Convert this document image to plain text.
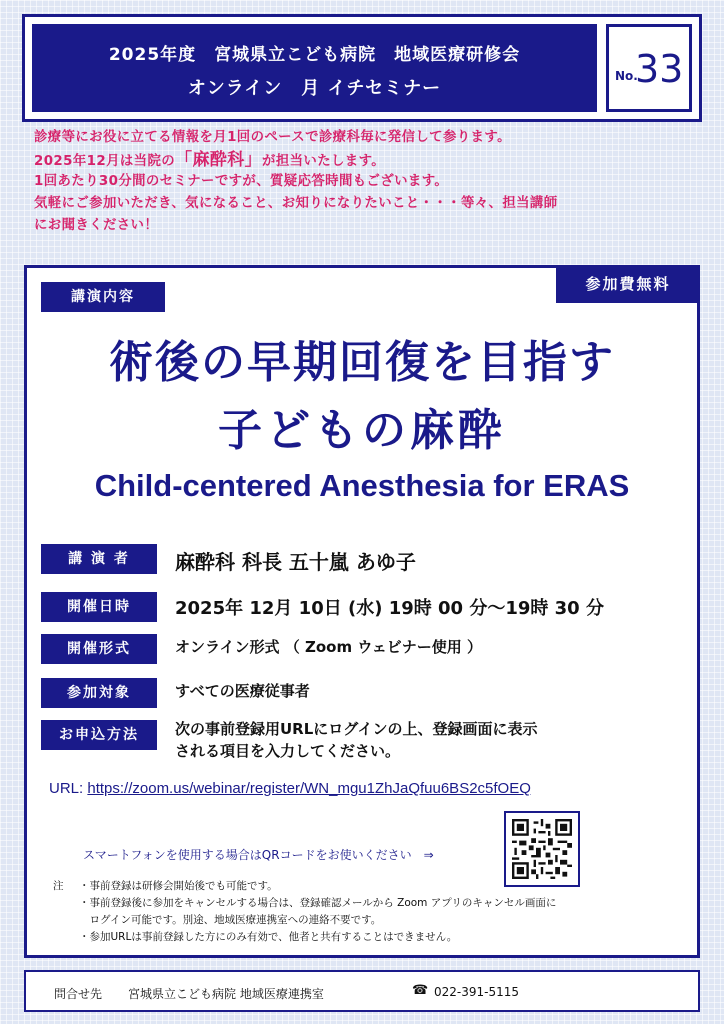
2025年度　宮城県立こども病院　地域医療研修会
オンライン　月 イチセミナー
No.
33
診療等にお役に立てる情報を月1回のペースで診療科毎に発信して参ります。
2025年12月は当院の「麻酔科」が担当いたします。
1回あたり30分間のセミナーですが、質疑応答時間もございます。
気軽にご参加いただき、気になること、お知りになりたいこと・・・等々、担当講師
にお聞きください！
講演内容
参加費無料
術後の早期回復を目指す
子どもの麻酔
Child-centered Anesthesia for ERAS
講 演 者	麻酔科 科長 五十嵐 あゆ子
開催日時	2025年 12月 10日 (水) 19時 00 分〜19時 30 分
開催形式	オンライン形式 （ Zoom ウェビナー使用 ）
参加対象	すべての医療従事者
お申込方法	次の事前登録用URLにログインの上、登録画面に表示
される項目を入力してください。
URL: https://zoom.us/webinar/register/WN_mgu1ZhJaQfuu6BS2c5fOEQ
スマートフォンを使用する場合はQRコードをお使いください　⇒
注 ・事前登録は研修会開始後でも可能です。
・事前登録後に参加をキャンセルする場合は、登録確認メールから Zoom アプリのキャンセル画面に
　ログイン可能です。別途、地域医療連携室への連絡不要です。
・参加URLは事前登録した方にのみ有効で、他者と共有することはできません。
問合せ先 宮城県立こども病院 地域医療連携室	☎ 022-391-5115
